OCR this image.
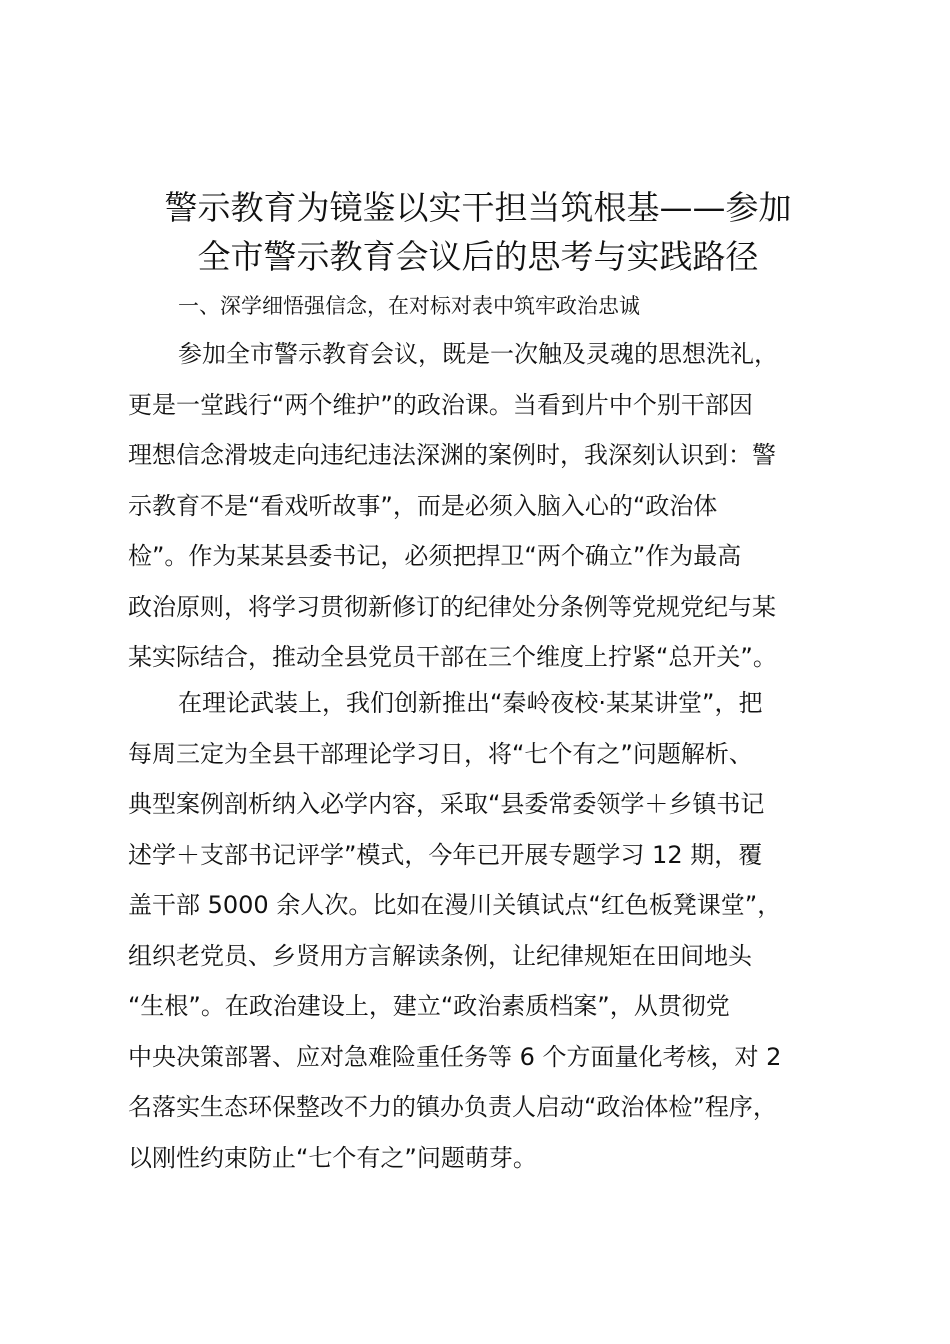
警示教育为镜鉴以实干担当筑根基——参加
全市警示教育会议后的思考与实践路径
一、深学细悟强信念，在对标对表中筑牢政治忠诚

参加全市警示教育会议，既是一次触及灵魂的思想洗礼，
更是一堂践行“两个维护”的政治课。当看到片中个别干部因
理想信念滑坡走向违纪违法深渊的案例时，我深刻认识到：警
示教育不是“看戏听故事”，而是必须入脑入心的“政治体
检”。作为某某县委书记，必须把捍卫“两个确立”作为最高
政治原则，将学习贯彻新修订的纪律处分条例等党规党纪与某
某实际结合，推动全县党员干部在三个维度上拧紧“总开关”。

在理论武装上，我们创新推出“秦岭夜校·某某讲堂”，把
每周三定为全县干部理论学习日，将“七个有之”问题解析、
典型案例剖析纳入必学内容，采取“县委常委领学＋乡镇书记
述学＋支部书记评学”模式，今年已开展专题学习 12 期，覆
盖干部 5000 余人次。比如在漫川关镇试点“红色板凳课堂”，
组织老党员、乡贤用方言解读条例，让纪律规矩在田间地头
“生根”。在政治建设上，建立“政治素质档案”，从贯彻党
中央决策部署、应对急难险重任务等 6 个方面量化考核，对 2
名落实生态环保整改不力的镇办负责人启动“政治体检”程序，
以刚性约束防止“七个有之”问题萌芽。
